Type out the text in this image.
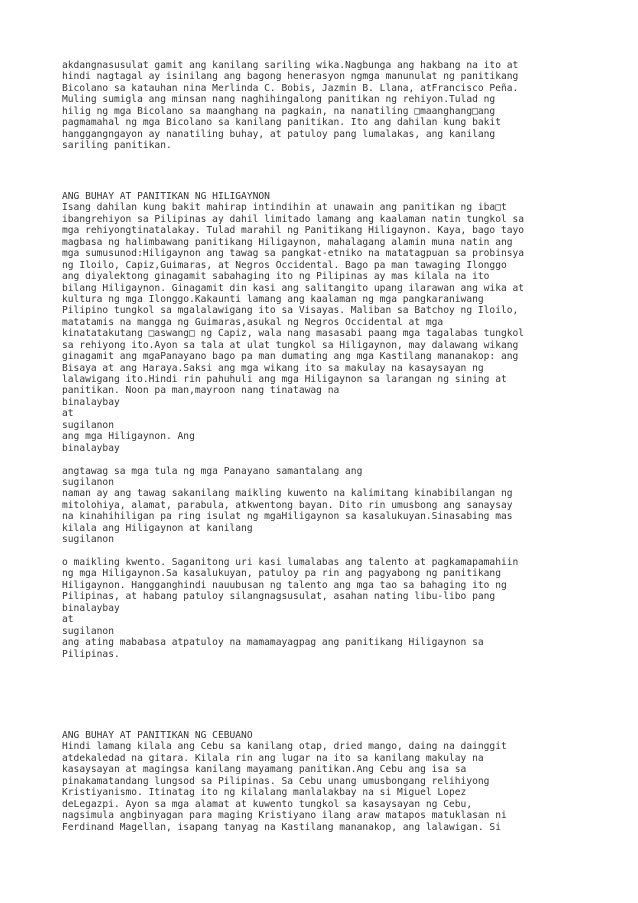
akdangnasusulat gamit ang kanilang sariling wika.Nagbunga ang hakbang na ito at
hindi nagtagal ay isinilang ang bagong henerasyon ngmga manunulat ng panitikang
Bicolano sa katauhan nina Merlinda C. Bobis, Jazmin B. Llana, atFrancisco Peña.
Muling sumigla ang minsan nang naghihingalong panitikan ng rehiyon.Tulad ng
hilig ng mga Bicolano sa maanghang na pagkain, na nanatiling □maanghang□ang
pagmamahal ng mga Bicolano sa kanilang panitikan. Ito ang dahilan kung bakit
hanggangngayon ay nanatiling buhay, at patuloy pang lumalakas, ang kanilang
sariling panitikan.
ANG BUHAY AT PANITIKAN NG HILIGAYNON
Isang dahilan kung bakit mahirap intindihin at unawain ang panitikan ng iba□t
ibangrehiyon sa Pilipinas ay dahil limitado lamang ang kaalaman natin tungkol sa
mga rehiyongtinatalakay. Tulad marahil ng Panitikang Hiligaynon. Kaya, bago tayo
magbasa ng halimbawang panitikang Hiligaynon, mahalagang alamin muna natin ang
mga sumusunod:Hiligaynon ang tawag sa pangkat-etniko na matatagpuan sa probinsya
ng Iloilo, Capiz,Guimaras, at Negros Occidental. Bago pa man tawaging Ilonggo
ang diyalektong ginagamit sabahaging ito ng Pilipinas ay mas kilala na ito
bilang Hiligaynon. Ginagamit din kasi ang salitangito upang ilarawan ang wika at
kultura ng mga Ilonggo.Kakaunti lamang ang kaalaman ng mga pangkaraniwang
Pilipino tungkol sa mgalalawigang ito sa Visayas. Maliban sa Batchoy ng Iloilo,
matatamis na mangga ng Guimaras,asukal ng Negros Occidental at mga
kinatatakutang □aswang□ ng Capiz, wala nang masasabi paang mga tagalabas tungkol
sa rehiyong ito.Ayon sa tala at ulat tungkol sa Hiligaynon, may dalawang wikang
ginagamit ang mgaPanayano bago pa man dumating ang mga Kastilang mananakop: ang
Bisaya at ang Haraya.Saksi ang mga wikang ito sa makulay na kasaysayan ng
lalawigang ito.Hindi rin pahuhuli ang mga Hiligaynon sa larangan ng sining at
panitikan. Noon pa man,mayroon nang tinatawag na
binalaybay
at
sugilanon
ang mga Hiligaynon. Ang
binalaybay

angtawag sa mga tula ng mga Panayano samantalang ang
sugilanon
naman ay ang tawag sakanilang maikling kuwento na kalimitang kinabibilangan ng
mitolohiya, alamat, parabula, atkwentong bayan. Dito rin umusbong ang sanaysay
na kinahihiligan pa ring isulat ng mgaHiligaynon sa kasalukuyan.Sinasabing mas
kilala ang Hiligaynon at kanilang
sugilanon

o maikling kwento. Saganitong uri kasi lumalabas ang talento at pagkamapamahiin
ng mga Hiligaynon.Sa kasalukuyan, patuloy pa rin ang pagyabong ng panitikang
Hiligaynon. Hangganghindi nauubusan ng talento ang mga tao sa bahaging ito ng
Pilipinas, at habang patuloy silangnagsusulat, asahan nating libu-libo pang
binalaybay
at
sugilanon
ang ating mababasa atpatuloy na mamamayagpag ang panitikang Hiligaynon sa
Pilipinas.
ANG BUHAY AT PANITIKAN NG CEBUANO
Hindi lamang kilala ang Cebu sa kanilang otap, dried mango, daing na dainggit
atdekaledad na gitara. Kilala rin ang lugar na ito sa kanilang makulay na
kasaysayan at magingsa kanilang mayamang panitikan.Ang Cebu ang isa sa
pinakamatandang lungsod sa Pilipinas. Sa Cebu unang umusbongang relihiyong
Kristiyanismo. Itinatag ito ng kilalang manlalakbay na si Miguel Lopez
deLegazpi. Ayon sa mga alamat at kuwento tungkol sa kasaysayan ng Cebu,
nagsimula angbinyagan para maging Kristiyano ilang araw matapos matuklasan ni
Ferdinand Magellan, isapang tanyag na Kastilang mananakop, ang lalawigan. Si
